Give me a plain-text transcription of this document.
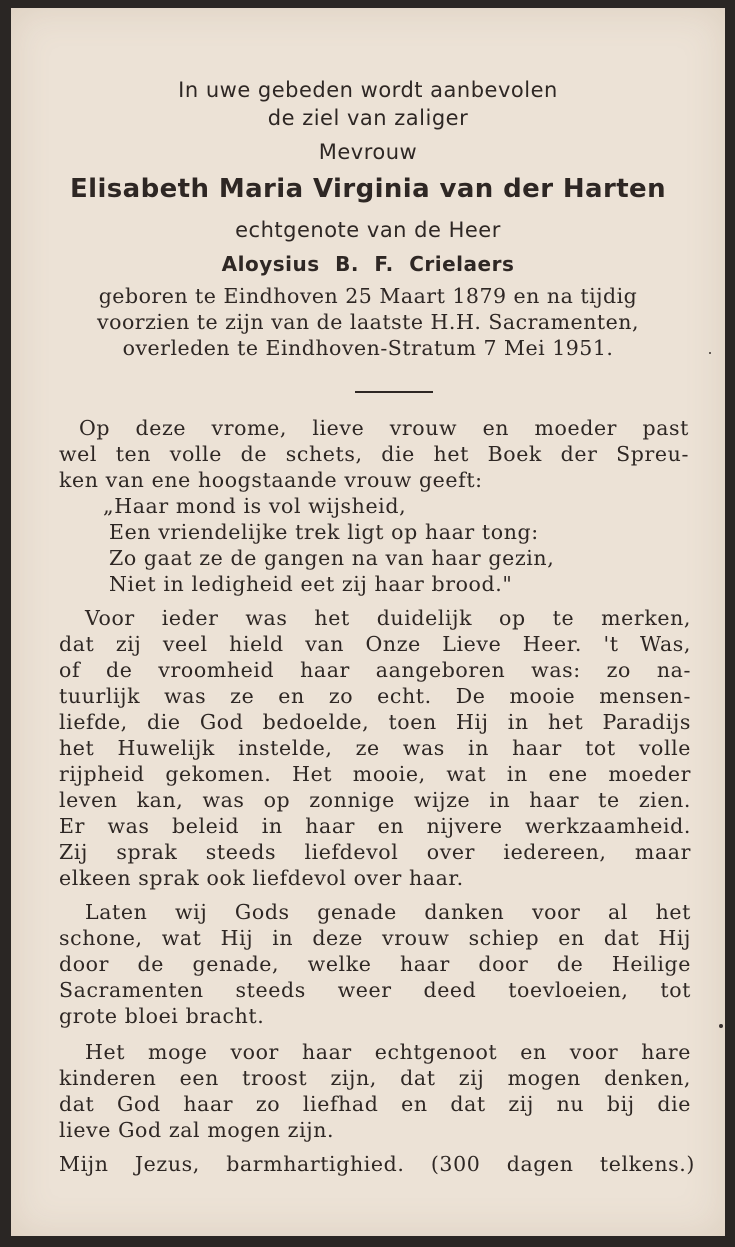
In uwe gebeden wordt aanbevolen
de ziel van zaliger
Mevrouw
Elisabeth Maria Virginia van der Harten
echtgenote van de Heer
Aloysius B. F. Crielaers
geboren te Eindhoven 25 Maart 1879 en na tijdig
voorzien te zijn van de laatste H.H. Sacramenten,
overleden te Eindhoven-Stratum 7 Mei 1951.
Op deze vrome, lieve vrouw en moeder past
wel ten volle de schets, die het Boek der Spreu-
ken van ene hoogstaande vrouw geeft:
„Haar mond is vol wijsheid,
Een vriendelijke trek ligt op haar tong:
Zo gaat ze de gangen na van haar gezin,
Niet in ledigheid eet zij haar brood."
Voor ieder was het duidelijk op te merken,
dat zij veel hield van Onze Lieve Heer. 't Was,
of de vroomheid haar aangeboren was: zo na-
tuurlijk was ze en zo echt. De mooie mensen-
liefde, die God bedoelde, toen Hij in het Paradijs
het Huwelijk instelde, ze was in haar tot volle
rijpheid gekomen. Het mooie, wat in ene moeder
leven kan, was op zonnige wijze in haar te zien.
Er was beleid in haar en nijvere werkzaamheid.
Zij sprak steeds liefdevol over iedereen, maar
elkeen sprak ook liefdevol over haar.
Laten wij Gods genade danken voor al het
schone, wat Hij in deze vrouw schiep en dat Hij
door de genade, welke haar door de Heilige
Sacramenten steeds weer deed toevloeien, tot
grote bloei bracht.
Het moge voor haar echtgenoot en voor hare
kinderen een troost zijn, dat zij mogen denken,
dat God haar zo liefhad en dat zij nu bij die
lieve God zal mogen zijn.
Mijn Jezus, barmhartighied. (300 dagen telkens.)
